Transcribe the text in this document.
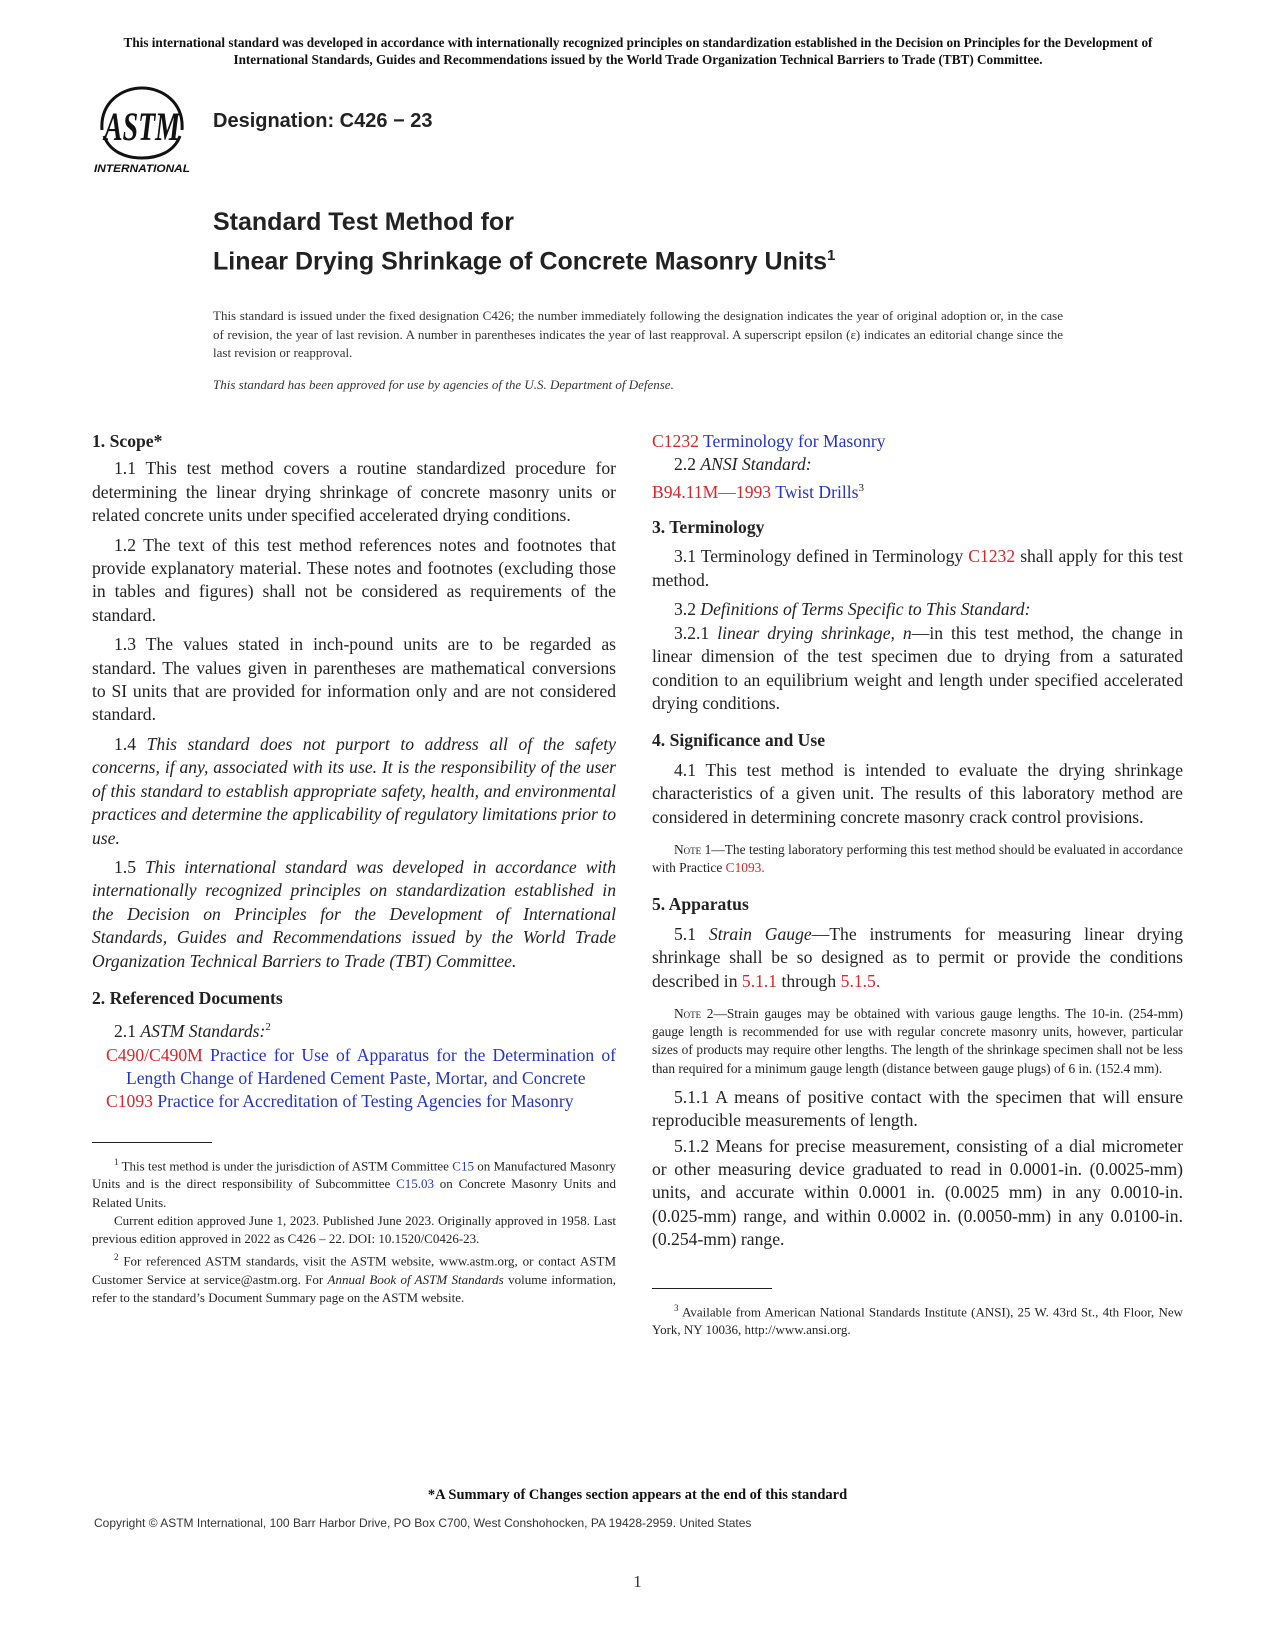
This international standard was developed in accordance with internationally recognized principles on standardization established in the Decision on Principles for the Development of International Standards, Guides and Recommendations issued by the World Trade Organization Technical Barriers to Trade (TBT) Committee.
ASTM
INTERNATIONAL
Designation: C426 − 23
Standard Test Method for
Linear Drying Shrinkage of Concrete Masonry Units$^1$
This standard is issued under the fixed designation C426; the number immediately following the designation indicates the year of original adoption or, in the case of revision, the year of last revision. A number in parentheses indicates the year of last reapproval. A superscript epsilon (ε) indicates an editorial change since the last revision or reapproval.
This standard has been approved for use by agencies of the U.S. Department of Defense.
1. Scope*

1.1 This test method covers a routine standardized procedure for determining the linear drying shrinkage of concrete masonry units or related concrete units under specified accelerated drying conditions.

1.2 The text of this test method references notes and footnotes that provide explanatory material. These notes and footnotes (excluding those in tables and figures) shall not be considered as requirements of the standard.

1.3 The values stated in inch-pound units are to be regarded as standard. The values given in parentheses are mathematical conversions to SI units that are provided for information only and are not considered standard.

1.4 This standard does not purport to address all of the safety concerns, if any, associated with its use. It is the responsibility of the user of this standard to establish appropriate safety, health, and environmental practices and determine the applicability of regulatory limitations prior to use.

1.5 This international standard was developed in accordance with internationally recognized principles on standardization established in the Decision on Principles for the Development of International Standards, Guides and Recommendations issued by the World Trade Organization Technical Barriers to Trade (TBT) Committee.

2. Referenced Documents

2.1 ASTM Standards:$^2$

C490/C490M Practice for Use of Apparatus for the Determination of Length Change of Hardened Cement Paste, Mortar, and Concrete

C1093 Practice for Accreditation of Testing Agencies for Masonry

$^1$ This test method is under the jurisdiction of ASTM Committee C15 on Manufactured Masonry Units and is the direct responsibility of Subcommittee C15.03 on Concrete Masonry Units and Related Units.

Current edition approved June 1, 2023. Published June 2023. Originally approved in 1958. Last previous edition approved in 2022 as C426 – 22. DOI: 10.1520/C0426-23.

$^2$ For referenced ASTM standards, visit the ASTM website, www.astm.org, or contact ASTM Customer Service at service@astm.org. For Annual Book of ASTM Standards volume information, refer to the standard’s Document Summary page on the ASTM website.

C1232 Terminology for Masonry

2.2 ANSI Standard:

B94.11M—1993 Twist Drills$^3$

3. Terminology

3.1 Terminology defined in Terminology C1232 shall apply for this test method.

3.2 Definitions of Terms Specific to This Standard:

3.2.1 linear drying shrinkage, n—in this test method, the change in linear dimension of the test specimen due to drying from a saturated condition to an equilibrium weight and length under specified accelerated drying conditions.

4. Significance and Use

4.1 This test method is intended to evaluate the drying shrinkage characteristics of a given unit. The results of this laboratory method are considered in determining concrete masonry crack control provisions.

Note 1—The testing laboratory performing this test method should be evaluated in accordance with Practice C1093.

5. Apparatus

5.1 Strain Gauge—The instruments for measuring linear drying shrinkage shall be so designed as to permit or provide the conditions described in 5.1.1 through 5.1.5.

Note 2—Strain gauges may be obtained with various gauge lengths. The 10-in. (254-mm) gauge length is recommended for use with regular concrete masonry units, however, particular sizes of products may require other lengths. The length of the shrinkage specimen shall not be less than required for a minimum gauge length (distance between gauge plugs) of 6 in. (152.4 mm).

5.1.1 A means of positive contact with the specimen that will ensure reproducible measurements of length.

5.1.2 Means for precise measurement, consisting of a dial micrometer or other measuring device graduated to read in 0.0001-in. (0.0025-mm) units, and accurate within 0.0001 in. (0.0025 mm) in any 0.0010-in. (0.025-mm) range, and within 0.0002 in. (0.0050-mm) in any 0.0100-in. (0.254-mm) range.

$^3$ Available from American National Standards Institute (ANSI), 25 W. 43rd St., 4th Floor, New York, NY 10036, http://www.ansi.org.

*A Summary of Changes section appears at the end of this standard
Copyright © ASTM International, 100 Barr Harbor Drive, PO Box C700, West Conshohocken, PA 19428-2959. United States
1
